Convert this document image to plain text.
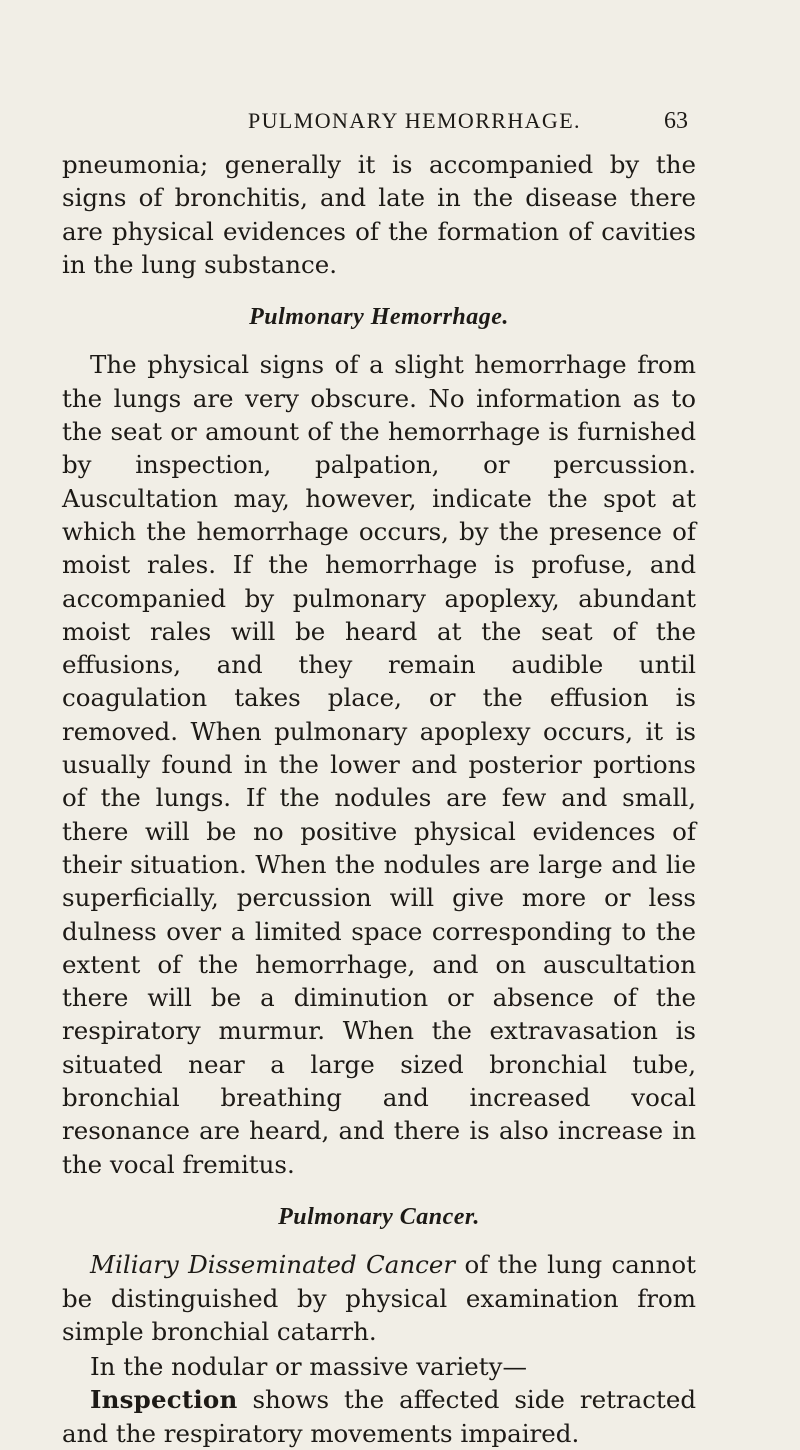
PULMONARY HEMORRHAGE.	63

pneumonia; generally it is accompanied by the signs of bronchitis, and late in the disease there are physical evidences of the formation of cavities in the lung substance.

Pulmonary Hemorrhage.

The physical signs of a slight hemorrhage from the lungs are very obscure. No information as to the seat or amount of the hemorrhage is furnished by inspection, palpation, or percussion. Auscultation may, however, indicate the spot at which the hemorrhage occurs, by the presence of moist rales. If the hemorrhage is profuse, and accompanied by pulmonary apoplexy, abundant moist rales will be heard at the seat of the effusions, and they remain audible until coagulation takes place, or the effusion is removed. When pulmonary apoplexy occurs, it is usually found in the lower and posterior portions of the lungs. If the nodules are few and small, there will be no positive physical evidences of their situation. When the nodules are large and lie superficially, percussion will give more or less dulness over a limited space corresponding to the extent of the hemorrhage, and on auscultation there will be a diminution or absence of the respiratory murmur. When the extravasation is situated near a large sized bronchial tube, bronchial breathing and increased vocal resonance are heard, and there is also increase in the vocal fremitus.

Pulmonary Cancer.

Miliary Disseminated Cancer of the lung cannot be distinguished by physical examination from simple bronchial catarrh.

In the nodular or massive variety—

Inspection shows the affected side retracted and the respiratory movements impaired.
